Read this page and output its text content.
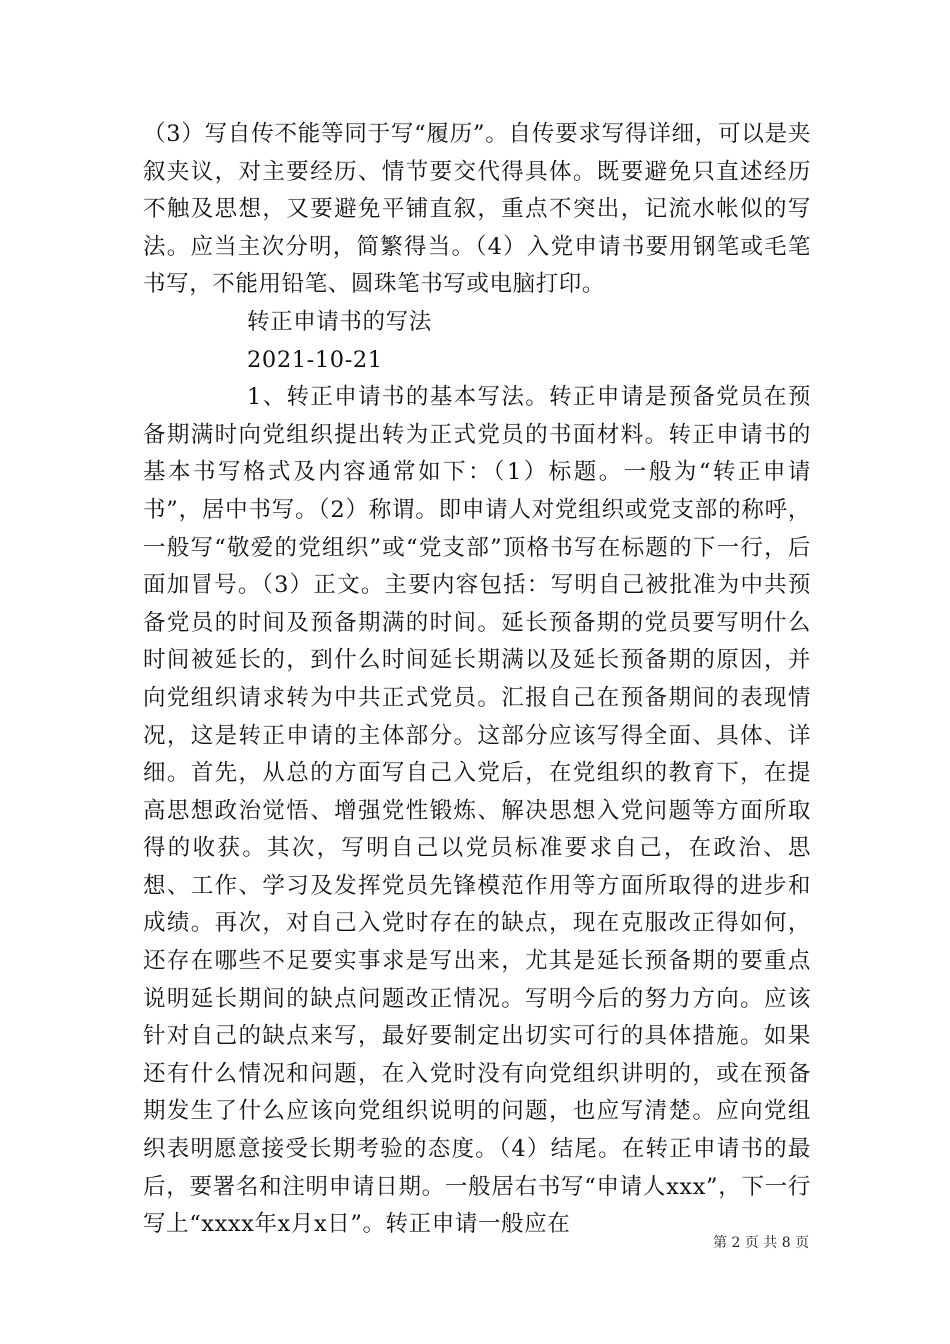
（3）写自传不能等同于写“履历”。自传要求写得详细，可以是夹叙夹议，对主要经历、情节要交代得具体。既要避免只直述经历不触及思想，又要避免平铺直叙，重点不突出，记流水帐似的写法。应当主次分明，简繁得当。（4）入党申请书要用钢笔或毛笔书写，不能用铅笔、圆珠笔书写或电脑打印。

转正申请书的写法

2021-10-21

1、转正申请书的基本写法。转正申请是预备党员在预备期满时向党组织提出转为正式党员的书面材料。转正申请书的基本书写格式及内容通常如下：（1）标题。一般为“转正申请书”，居中书写。（2）称谓。即申请人对党组织或党支部的称呼，一般写“敬爱的党组织”或“党支部”顶格书写在标题的下一行，后面加冒号。（3）正文。主要内容包括：写明自己被批准为中共预备党员的时间及预备期满的时间。延长预备期的党员要写明什么时间被延长的，到什么时间延长期满以及延长预备期的原因，并向党组织请求转为中共正式党员。汇报自己在预备期间的表现情况，这是转正申请的主体部分。这部分应该写得全面、具体、详细。首先，从总的方面写自己入党后，在党组织的教育下，在提高思想政治觉悟、增强党性锻炼、解决思想入党问题等方面所取得的收获。其次，写明自己以党员标准要求自己，在政治、思想、工作、学习及发挥党员先锋模范作用等方面所取得的进步和成绩。再次，对自己入党时存在的缺点，现在克服改正得如何，还存在哪些不足要实事求是写出来，尤其是延长预备期的要重点说明延长期间的缺点问题改正情况。写明今后的努力方向。应该针对自己的缺点来写，最好要制定出切实可行的具体措施。如果还有什么情况和问题，在入党时没有向党组织讲明的，或在预备期发生了什么应该向党组织说明的问题，也应写清楚。应向党组织表明愿意接受长期考验的态度。（4）结尾。在转正申请书的最后，要署名和注明申请日期。一般居右书写“申请人xxx”，下一行写上“xxxx年x月x日”。转正申请一般应在

第 2 页 共 8 页
